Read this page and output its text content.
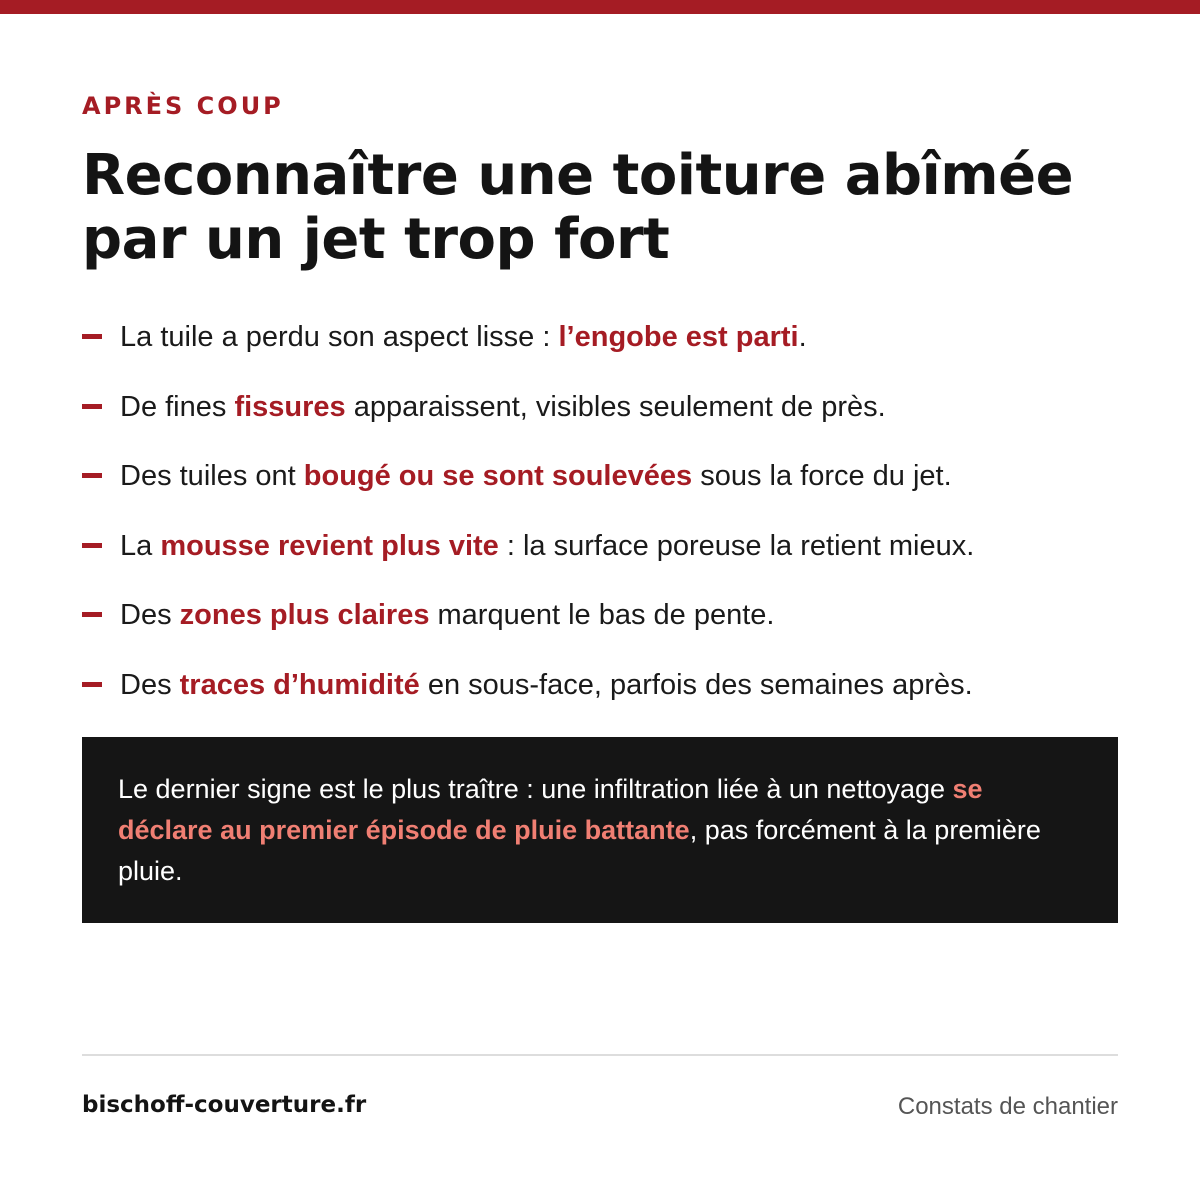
APRÈS COUP
Reconnaître une toiture abîmée par un jet trop fort
La tuile a perdu son aspect lisse : l’engobe est parti.
De fines fissures apparaissent, visibles seulement de près.
Des tuiles ont bougé ou se sont soulevées sous la force du jet.
La mousse revient plus vite : la surface poreuse la retient mieux.
Des zones plus claires marquent le bas de pente.
Des traces d’humidité en sous-face, parfois des semaines après.

Le dernier signe est le plus traître : une infiltration liée à un nettoyage se déclare au premier épisode de pluie battante, pas forcément à la première pluie.

bischoff-couverture.fr	Constats de chantier
